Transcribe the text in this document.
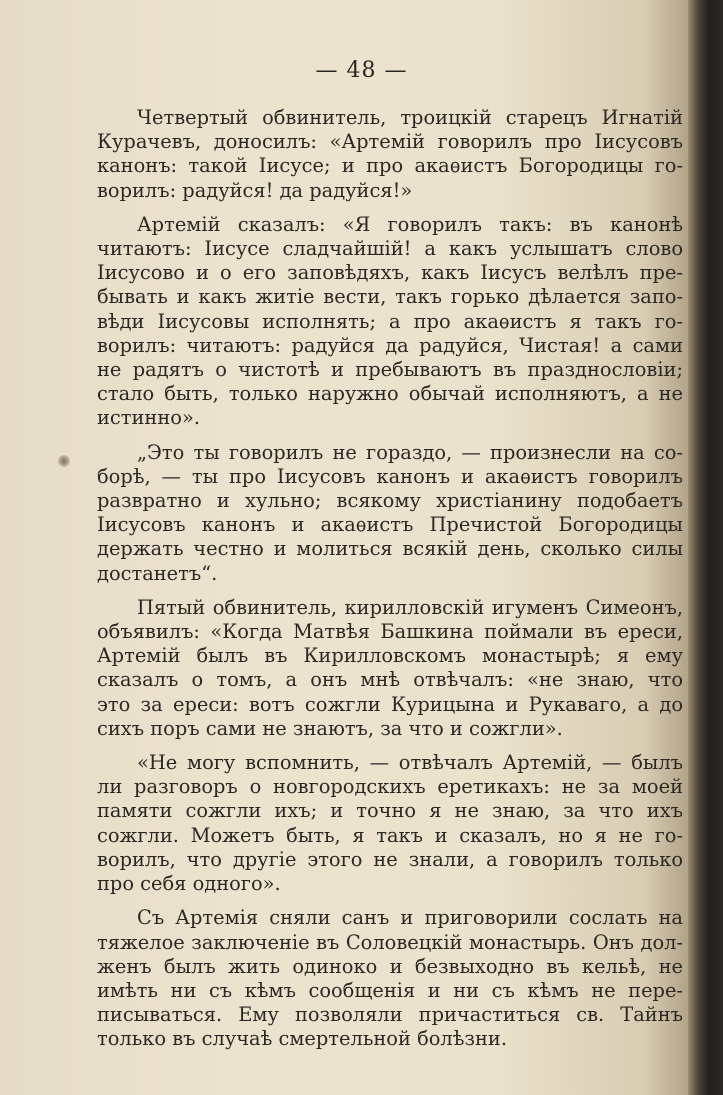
— 48 —
Четвертый обвинитель, троицкій старецъ Игнатій
Курачевъ, доносилъ: «Артемій говорилъ про Іисусовъ
канонъ: такой Іисусе; и про акаѳистъ Богородицы го-
ворилъ: радуйся! да радуйся!»
Артемій сказалъ: «Я говорилъ такъ: въ канонѣ
читаютъ: Іисусе сладчайшій! а какъ услышатъ слово
Іисусово и о его заповѣдяхъ, какъ Іисусъ велѣлъ пре-
бывать и какъ житіе вести, такъ горько дѣлается запо-
вѣди Іисусовы исполнять; а про акаѳистъ я такъ го-
ворилъ: читаютъ: радуйся да радуйся, Чистая! а сами
не радятъ о чистотѣ и пребываютъ въ празднословіи;
стало быть, только наружно обычай исполняютъ, а не
истинно».
„Это ты говорилъ не гораздо, — произнесли на со-
борѣ, — ты про Іисусовъ канонъ и акаѳистъ говорилъ
развратно и хульно; всякому христіанину подобаетъ
Іисусовъ канонъ и акаѳистъ Пречистой Богородицы
держать честно и молиться всякій день, сколько силы
достанетъ“.
Пятый обвинитель, кирилловскій игуменъ Симеонъ,
объявилъ: «Когда Матвѣя Башкина поймали въ ереси,
Артемій былъ въ Кирилловскомъ монастырѣ; я ему
сказалъ о томъ, а онъ мнѣ отвѣчалъ: «не знаю, что
это за ереси: вотъ сожгли Курицына и Рукаваго, а до
сихъ поръ сами не знаютъ, за что и сожгли».
«Не могу вспомнить, — отвѣчалъ Артемій, — былъ
ли разговоръ о новгородскихъ еретикахъ: не за моей
памяти сожгли ихъ; и точно я не знаю, за что ихъ
сожгли. Можетъ быть, я такъ и сказалъ, но я не го-
ворилъ, что другіе этого не знали, а говорилъ только
про себя одного».
Съ Артемія сняли санъ и приговорили сослать на
тяжелое заключеніе въ Соловецкій монастырь. Онъ дол-
женъ былъ жить одиноко и безвыходно въ кельѣ, не
имѣть ни съ кѣмъ сообщенія и ни съ кѣмъ не пере-
писываться. Ему позволяли причаститься св. Тайнъ
только въ случаѣ смертельной болѣзни.
